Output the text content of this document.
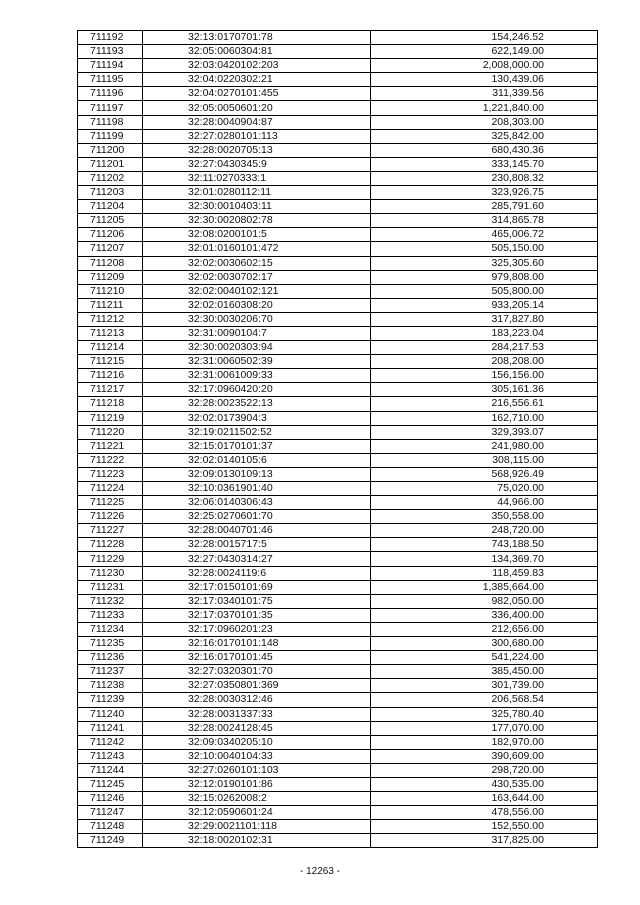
711192	32:13:0170701:78	154,246.52
711193	32:05:0060304:81	622,149.00
711194	32:03:0420102:203	2,008,000.00
711195	32:04:0220302:21	130,439.06
711196	32:04:0270101:455	311,339.56
711197	32:05:0050601:20	1,221,840.00
711198	32:28:0040904:87	208,303.00
711199	32:27:0280101:113	325,842.00
711200	32:28:0020705:13	680,430.36
711201	32:27:0430345:9	333,145.70
711202	32:11:0270333:1	230,808.32
711203	32:01:0280112:11	323,926.75
711204	32:30:0010403:11	285,791.60
711205	32:30:0020802:78	314,865.78
711206	32:08:0200101:5	465,006.72
711207	32:01:0160101:472	505,150.00
711208	32:02:0030602:15	325,305.60
711209	32:02:0030702:17	979,808.00
711210	32:02:0040102:121	505,800.00
711211	32:02:0160308:20	933,205.14
711212	32:30:0030206:70	317,827.80
711213	32:31:0090104:7	183,223.04
711214	32:30:0020303:94	284,217.53
711215	32:31:0060502:39	208,208.00
711216	32:31:0061009:33	156,156.00
711217	32:17:0960420:20	305,161.36
711218	32:28:0023522:13	216,556.61
711219	32:02:0173904:3	162,710.00
711220	32:19:0211502:52	329,393.07
711221	32:15:0170101:37	241,980.00
711222	32:02:0140105:6	308,115.00
711223	32:09:0130109:13	568,926.49
711224	32:10:0361901:40	75,020.00
711225	32:06:0140306:43	44,966.00
711226	32:25:0270601:70	350,558.00
711227	32:28:0040701:46	248,720.00
711228	32:28:0015717:5	743,188.50
711229	32:27:0430314:27	134,369.70
711230	32:28:0024119:6	118,459.83
711231	32:17:0150101:69	1,385,664.00
711232	32:17:0340101:75	982,050.00
711233	32:17:0370101:35	336,400.00
711234	32:17:0960201:23	212,656.00
711235	32:16:0170101:148	300,680.00
711236	32:16:0170101:45	541,224.00
711237	32:27:0320301:70	385,450.00
711238	32:27:0350801:369	301,739.00
711239	32:28:0030312:46	206,568.54
711240	32:28:0031337:33	325,780.40
711241	32:28:0024128:45	177,070.00
711242	32:09:0340205:10	182,970.00
711243	32:10:0040104:33	390,609.00
711244	32:27:0260101:103	298,720.00
711245	32:12:0190101:86	430,535.00
711246	32:15:0262008:2	163,644.00
711247	32:12:0590601:24	478,556.00
711248	32:29:0021101:118	152,550.00
711249	32:18:0020102:31	317,825.00
- 12263 -
